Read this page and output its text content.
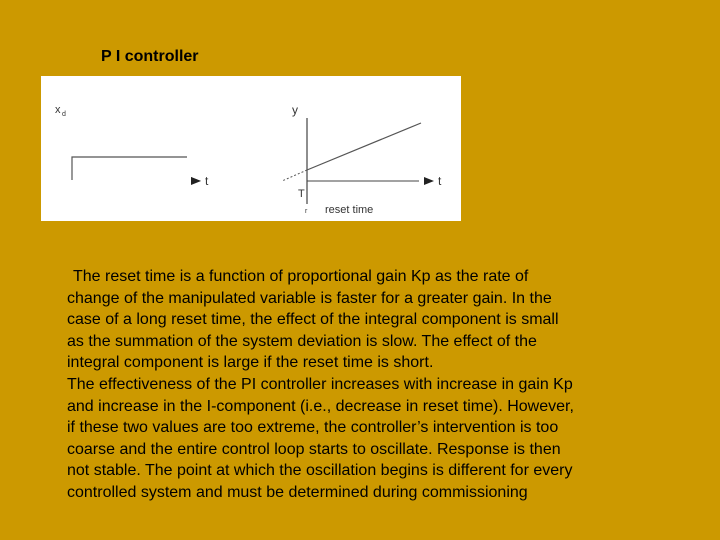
P I controller
x d
t
y
t
T
r reset time

The reset time is a function of proportional gain Kp as the rate of

change of the manipulated variable is faster for a greater gain. In the

case of a long reset time, the effect of the integral component is small

as the summation of the system deviation is slow. The effect of the

integral component is large if the reset time is short.

The effectiveness of the PI controller increases with increase in gain Kp

and increase in the I-component (i.e., decrease in reset time). However,

if these two values are too extreme, the controller’s intervention is too

coarse and the entire control loop starts to oscillate. Response is then

not stable. The point at which the oscillation begins is different for every

controlled system and must be determined during commissioning
